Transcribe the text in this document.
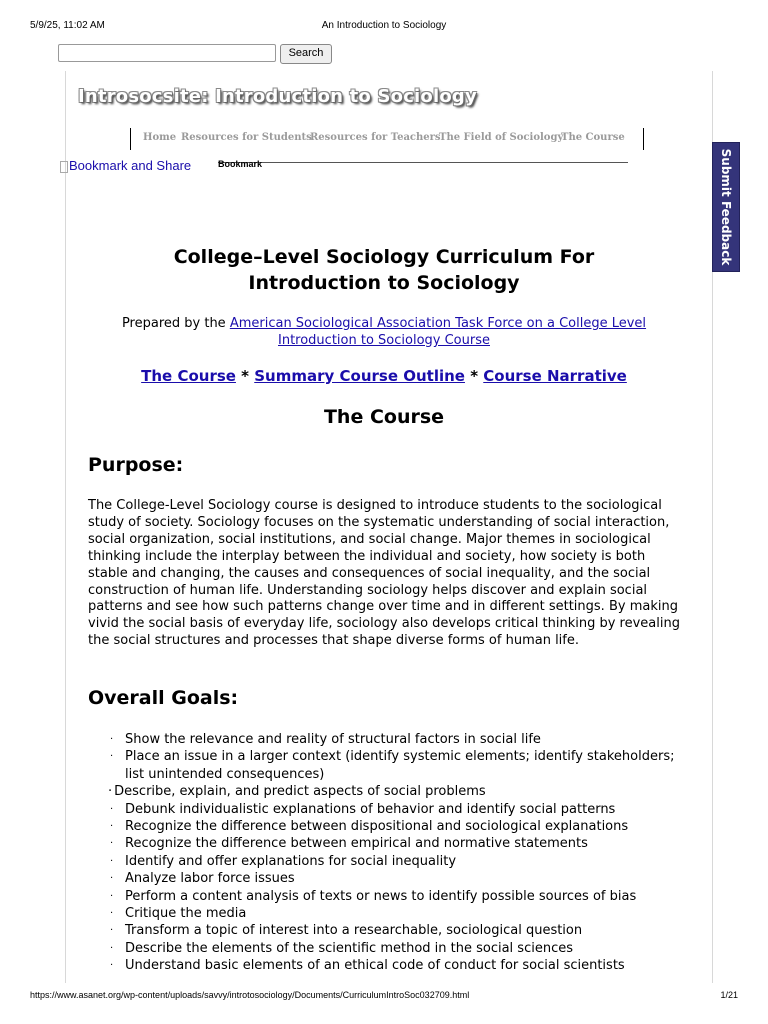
5/9/25, 11:02 AM	An Introduction to Sociology
Search
Introsocsite: Introduction to Sociology
Home Resources for Students
Resources for Teachers
The Field of Sociology
The Course
Bookmark and Share	Bookmark	Submit Feedback
College–Level Sociology Curriculum For
Introduction to Sociology
Prepared by the American Sociological Association Task Force on a College Level Introduction to Sociology Course
The Course * Summary Course Outline * Course Narrative
The Course
Purpose:
The College-Level Sociology course is designed to introduce students to the sociological study of society. Sociology focuses on the systematic understanding of social interaction, social organization, social institutions, and social change. Major themes in sociological thinking include the interplay between the individual and society, how society is both stable and changing, the causes and consequences of social inequality, and the social construction of human life. Understanding sociology helps discover and explain social patterns and see how such patterns change over time and in different settings. By making vivid the social basis of everyday life, sociology also develops critical thinking by revealing the social structures and processes that shape diverse forms of human life.
Overall Goals:
· Show the relevance and reality of structural factors in social life
· Place an issue in a larger context (identify systemic elements; identify stakeholders; list unintended consequences)
· Describe, explain, and predict aspects of social problems
· Debunk individualistic explanations of behavior and identify social patterns
· Recognize the difference between dispositional and sociological explanations
· Recognize the difference between empirical and normative statements
· Identify and offer explanations for social inequality
· Analyze labor force issues
· Perform a content analysis of texts or news to identify possible sources of bias
· Critique the media
· Transform a topic of interest into a researchable, sociological question
· Describe the elements of the scientific method in the social sciences
· Understand basic elements of an ethical code of conduct for social scientists
https://www.asanet.org/wp-content/uploads/savvy/introtosociology/Documents/CurriculumIntroSoc032709.html	1/21
